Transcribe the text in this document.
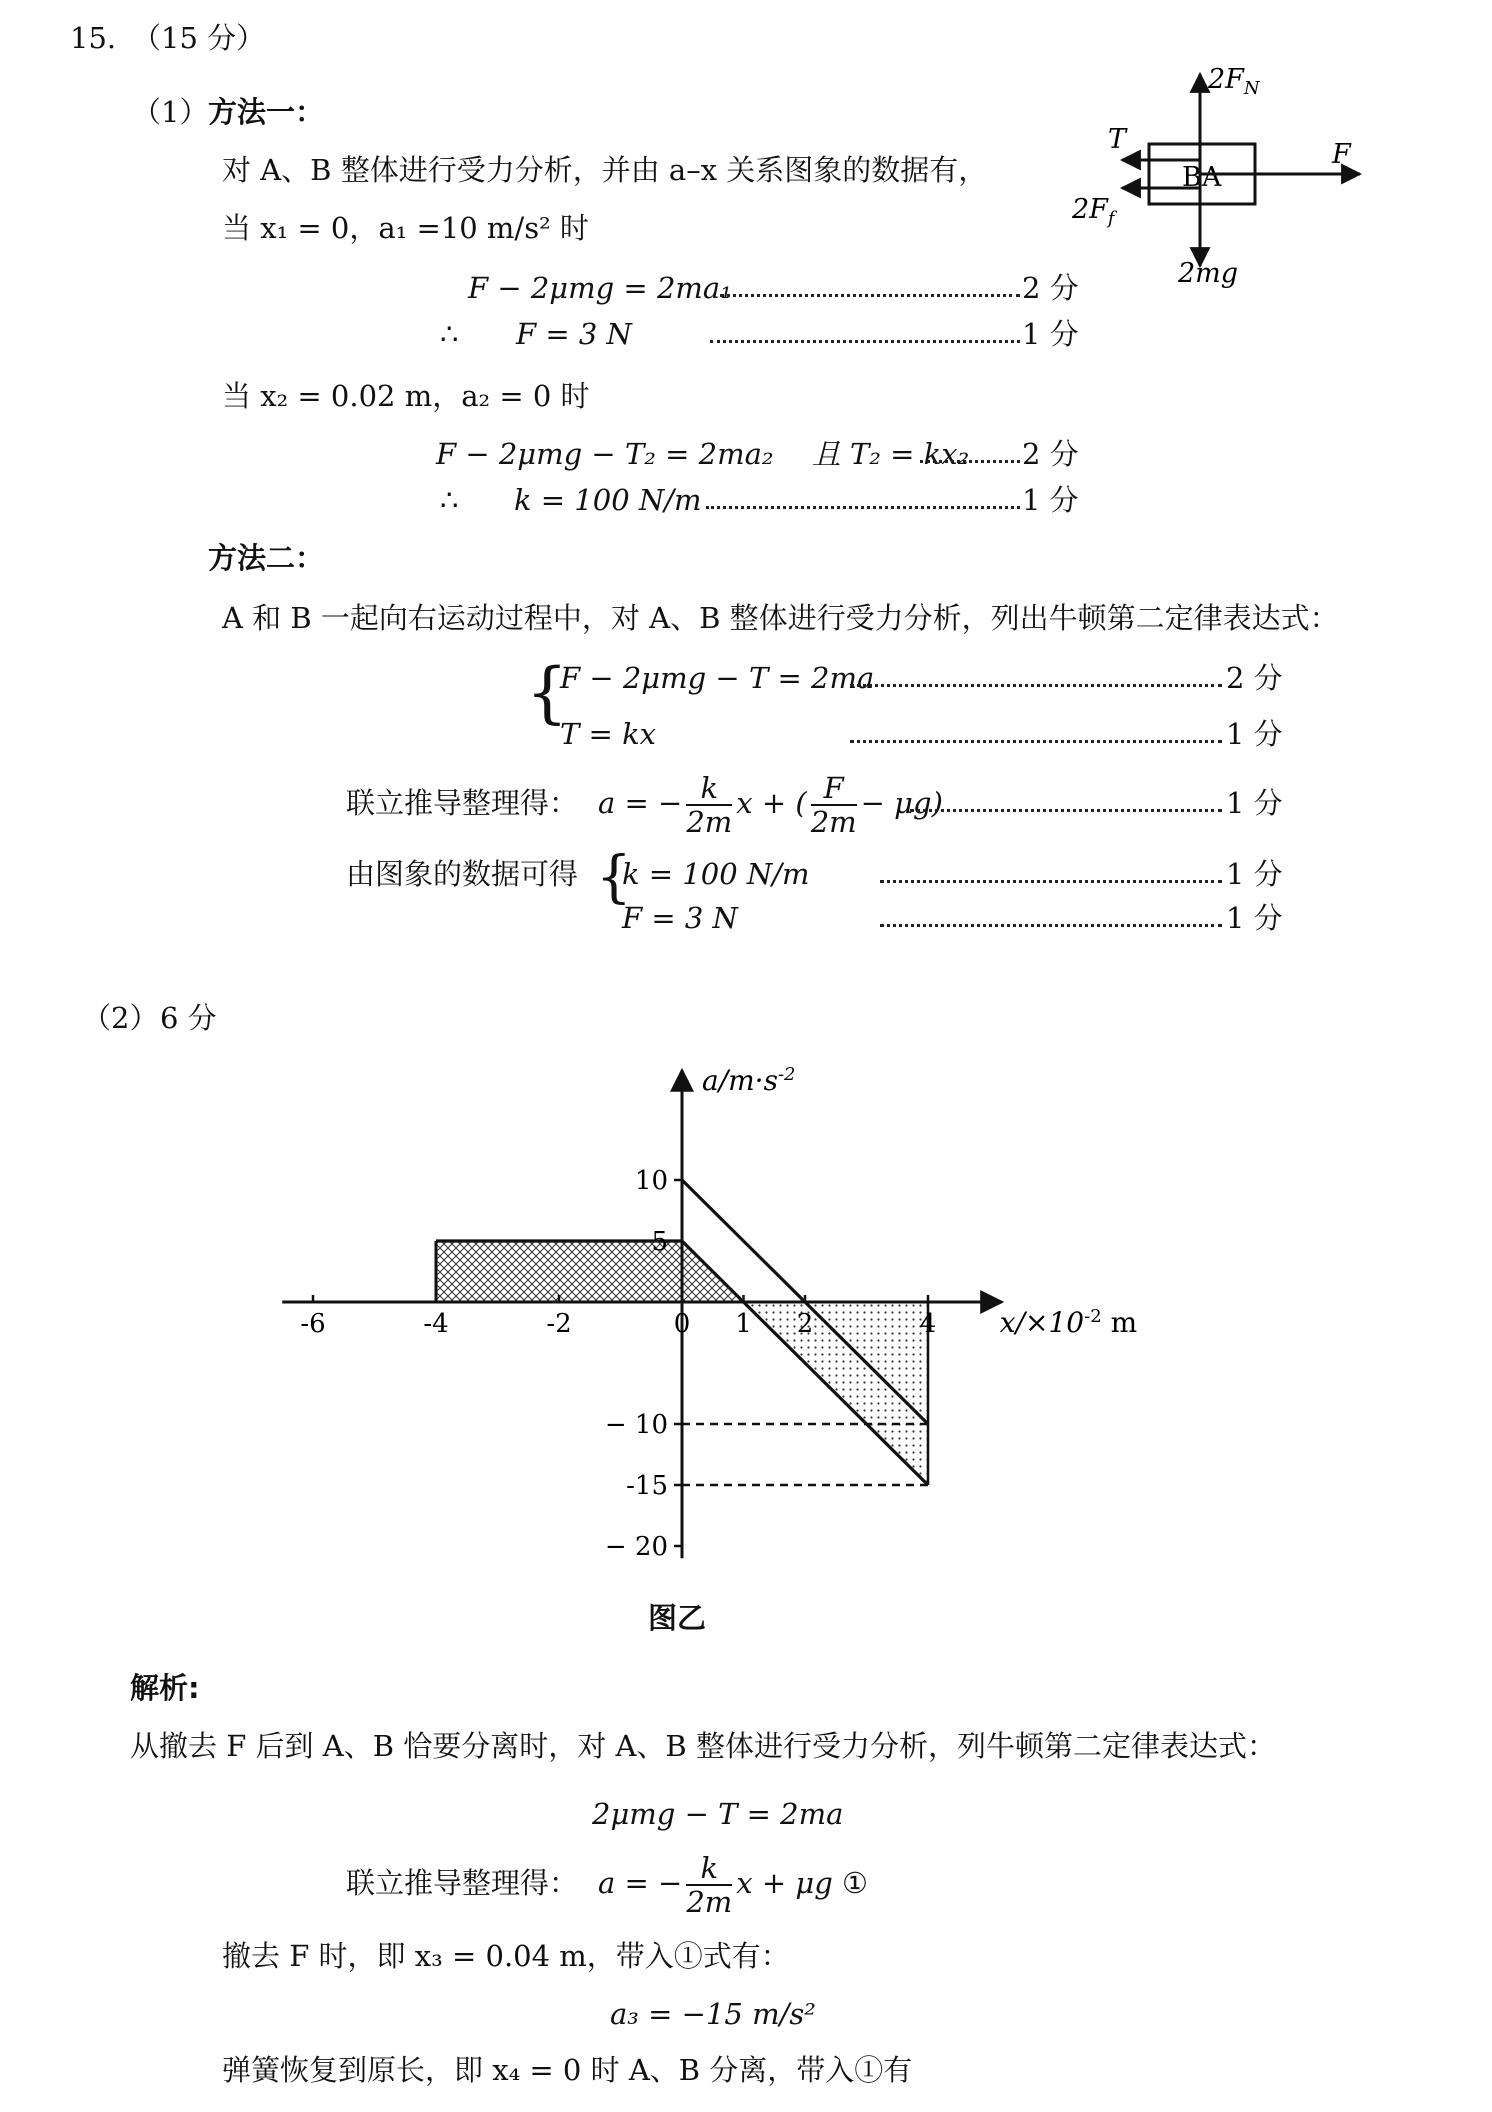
15. （15 分）
（1） 方法一：
对 A、B 整体进行受力分析，并由 a–x 关系图象的数据有，
当 x₁ = 0，a₁ =10 m/s² 时
F − 2μmg = 2ma₁	2 分
∴ F = 3 N	1 分
当 x₂ = 0.02 m，a₂ = 0 时
F − 2μmg − T₂ = 2ma₂　 且 T₂ = kx₂ 2 分
∴ k = 100 N/m	1 分
方法二：
A 和 B 一起向右运动过程中，对 A、B 整体进行受力分析，列出牛顿第二定律表达式：
{
F − 2μmg − T = 2ma	2 分
T = kx	1 分
联立推导整理得： a = − $\frac{k}{2m}$ x + ( $\frac{F}{2m} - \mu g$)	1 分
由图象的数据可得 {
k = 100 N/m	1 分
F = 3 N	1 分
BA
$2F_N$
2mg
F
T
$2F_f$
（2） 6 分
-6	-4	-2	0 1 2	4
10
5
− 10
-15
− 20
$a/m\cdot s^{-2}$
$x/\times 10^{-2}$ m
图乙
解析:
从撤去 F 后到 A、B 恰要分离时，对 A、B 整体进行受力分析，列牛顿第二定律表达式：
2μmg − T = 2ma
联立推导整理得： a = − $\frac{k}{2m}$ x + μg ①
撤去 F 时，即 x₃ = 0.04 m，带入①式有：
a₃ = −15 m/s²
弹簧恢复到原长，即 x₄ = 0 时 A、B 分离，带入①有
